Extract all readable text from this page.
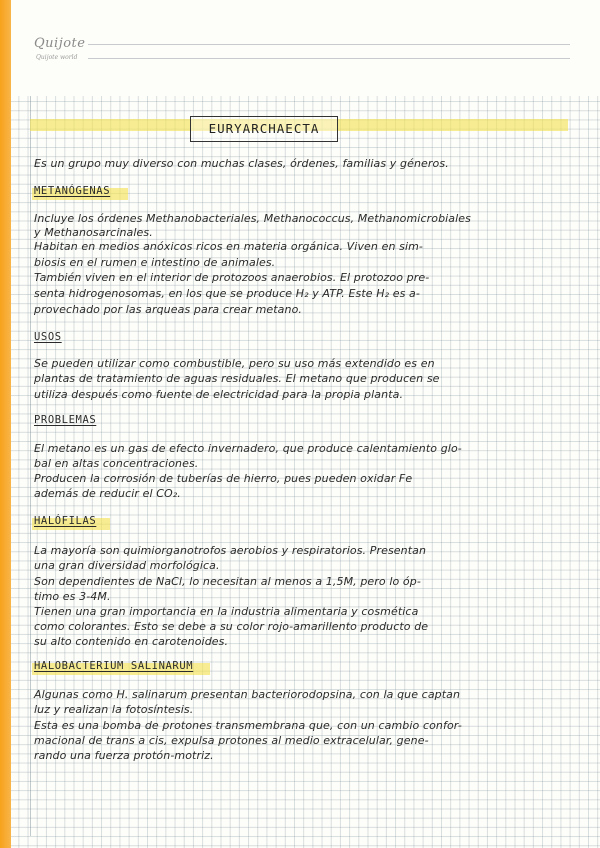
Quijote
Quijote world
EURYARCHAECTA

Es un grupo muy diverso con muchas clases, órdenes, familias y géneros.

METANÓGENAS

Incluye los órdenes Methanobacteriales, Methanococcus, Methanomicrobiales

y Methanosarcinales.

Habitan en medios anóxicos ricos en materia orgánica. Viven en sim-

biosis en el rumen e intestino de animales.

También viven en el interior de protozoos anaerobios. El protozoo pre-

senta hidrogenosomas, en los que se produce H₂ y ATP. Este H₂ es a-

provechado por las arqueas para crear metano.

USOS

Se pueden utilizar como combustible, pero su uso más extendido es en

plantas de tratamiento de aguas residuales. El metano que producen se

utiliza después como fuente de electricidad para la propia planta.

PROBLEMAS

El metano es un gas de efecto invernadero, que produce calentamiento glo-

bal en altas concentraciones.

Producen la corrosión de tuberías de hierro, pues pueden oxidar Fe

además de reducir el CO₂.

HALÓFILAS

La mayoría son quimiorganotrofos aerobios y respiratorios. Presentan

una gran diversidad morfológica.

Son dependientes de NaCl, lo necesitan al menos a 1,5M, pero lo óp-

timo es 3-4M.

Tienen una gran importancia en la industria alimentaria y cosmética

como colorantes. Esto se debe a su color rojo-amarillento producto de

su alto contenido en carotenoides.

HALOBACTERIUM SALINARUM

Algunas como H. salinarum presentan bacteriorodopsina, con la que captan

luz y realizan la fotosíntesis.

Esta es una bomba de protones transmembrana que, con un cambio confor-

macional de trans a cis, expulsa protones al medio extracelular, gene-

rando una fuerza protón-motriz.
